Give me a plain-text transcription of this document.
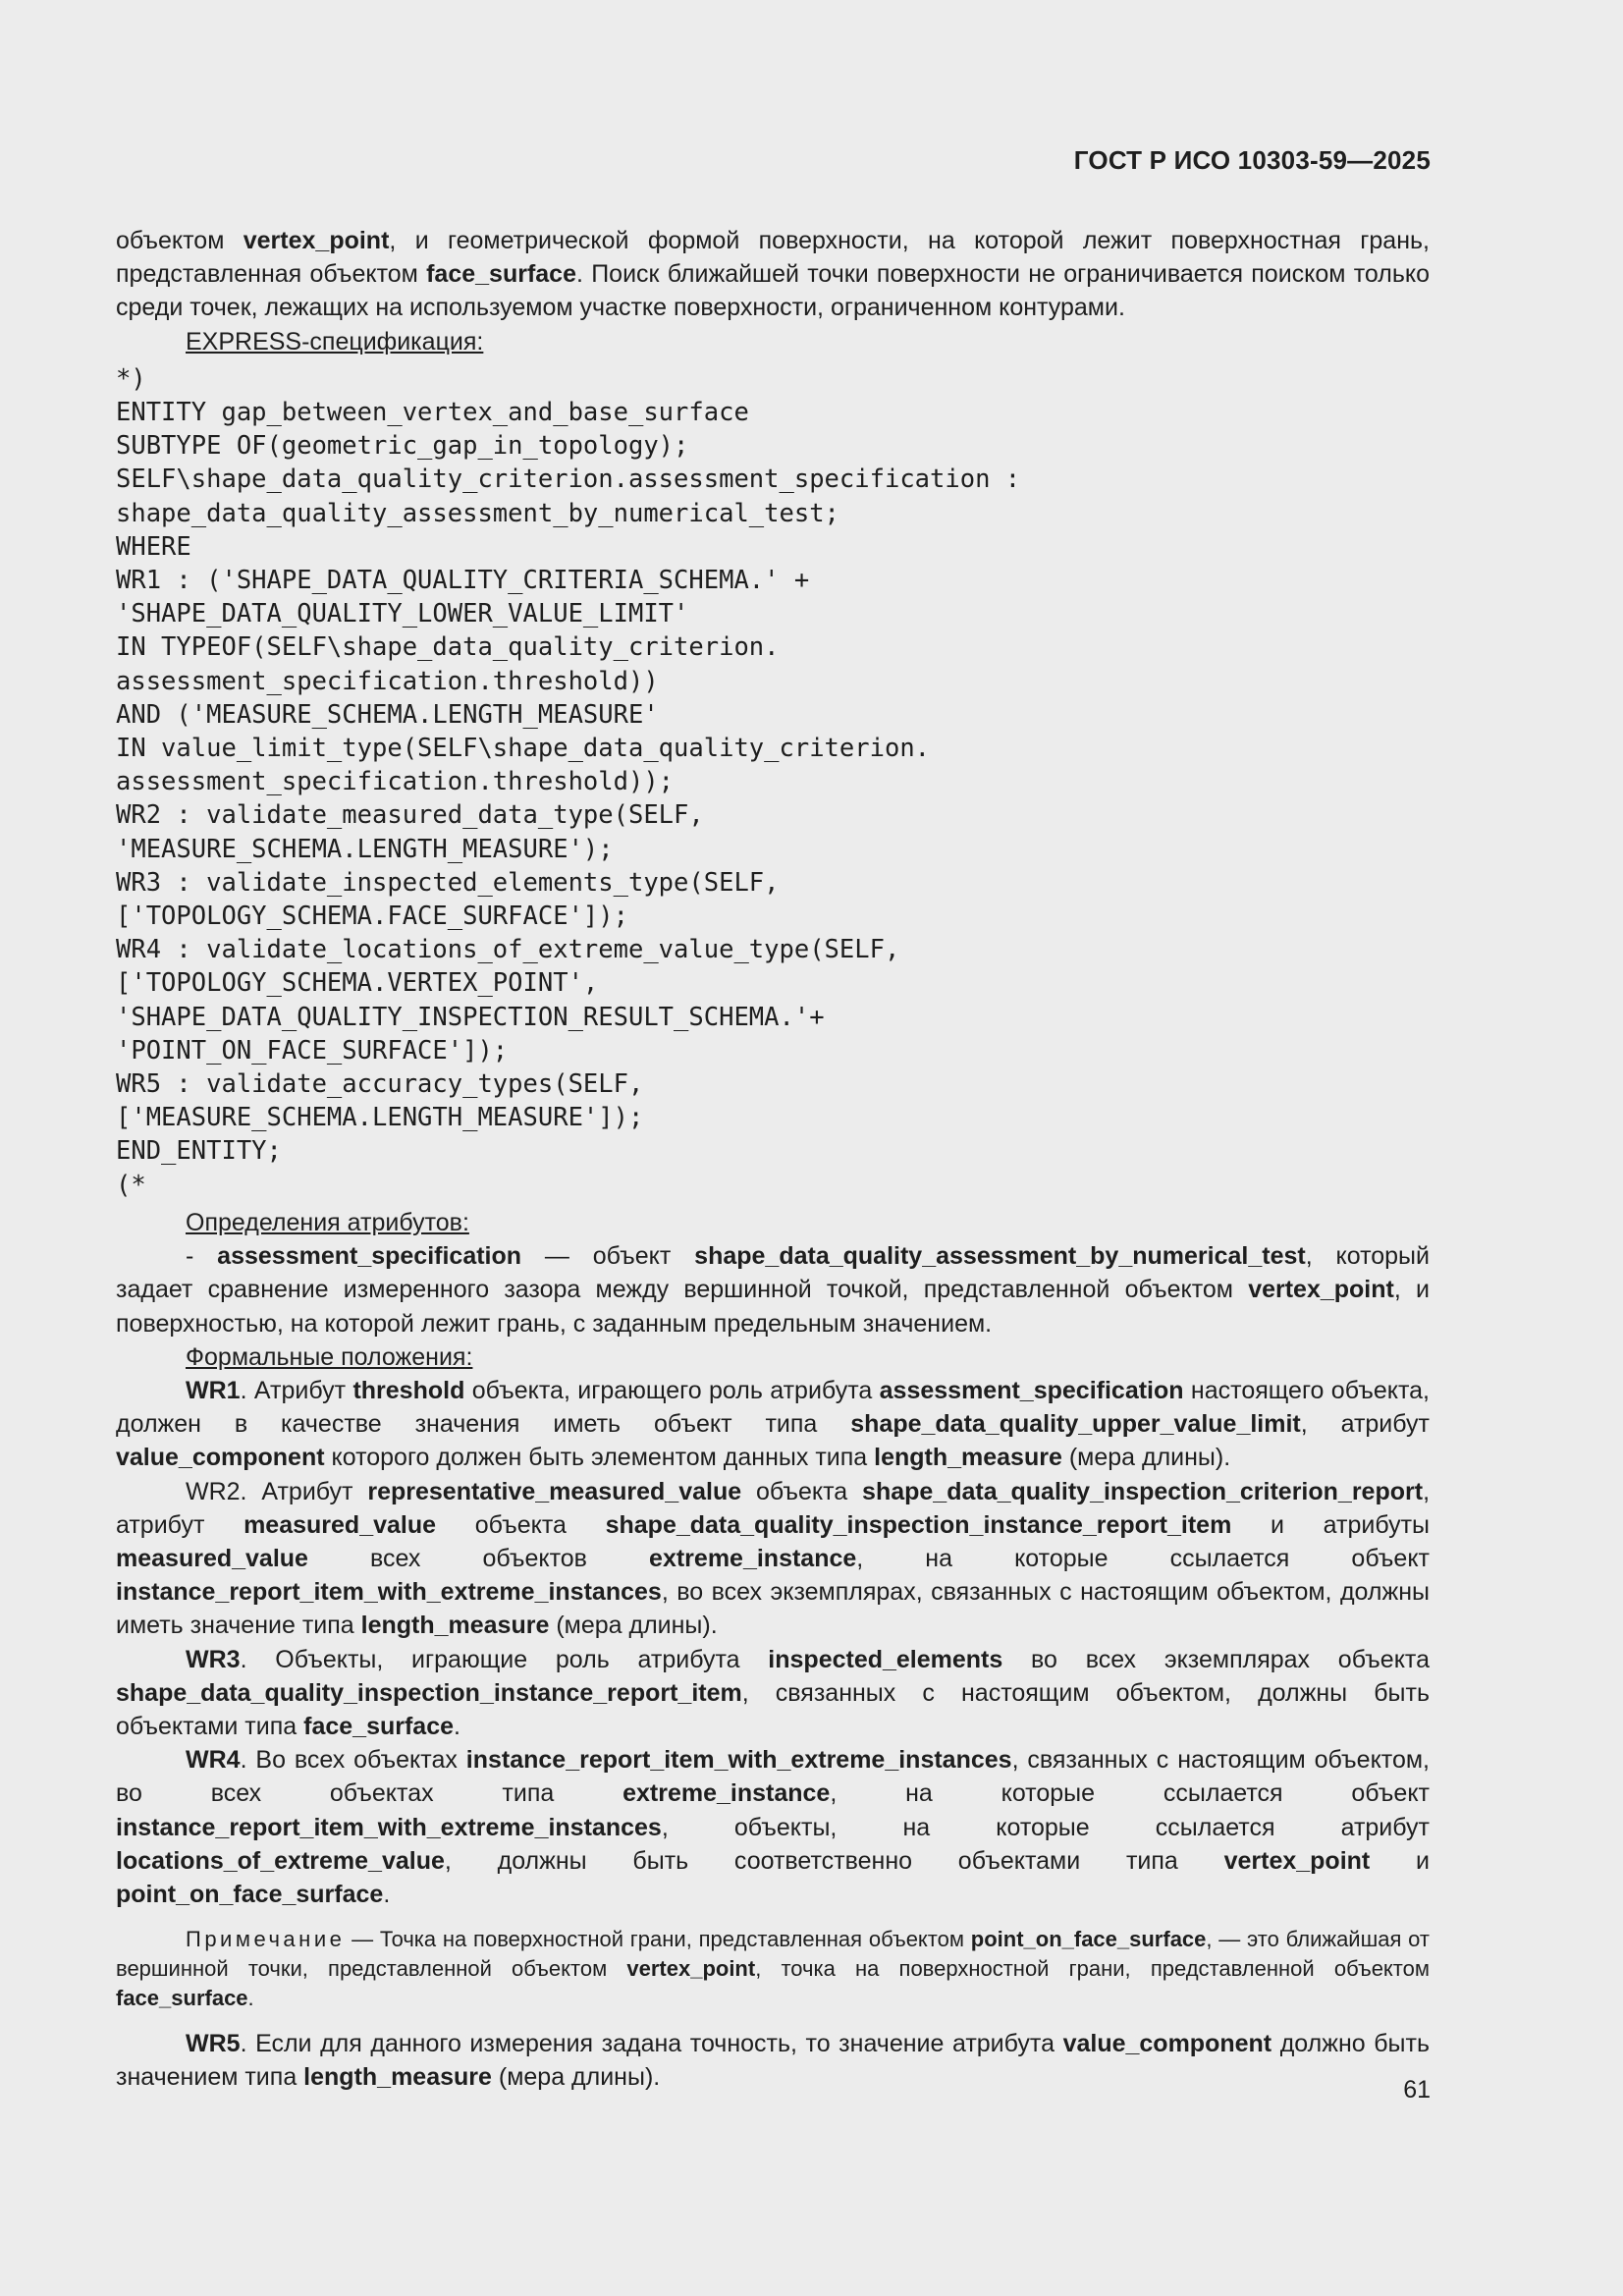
ГОСТ Р ИСО 10303-59—2025

объектом vertex_point, и геометрической формой поверхности, на которой лежит поверхностная грань, представленная объектом face_surface. Поиск ближайшей точки поверхности не ограничивается поиском только среди точек, лежащих на используемом участке поверхности, ограниченном контурами.

EXPRESS-спецификация:

*)
ENTITY gap_between_vertex_and_base_surface
SUBTYPE OF(geometric_gap_in_topology);
SELF\shape_data_quality_criterion.assessment_specification :
shape_data_quality_assessment_by_numerical_test;
WHERE
WR1 : ('SHAPE_DATA_QUALITY_CRITERIA_SCHEMA.' +
'SHAPE_DATA_QUALITY_LOWER_VALUE_LIMIT'
IN TYPEOF(SELF\shape_data_quality_criterion.
assessment_specification.threshold))
AND ('MEASURE_SCHEMA.LENGTH_MEASURE'
IN value_limit_type(SELF\shape_data_quality_criterion.
assessment_specification.threshold));
WR2 : validate_measured_data_type(SELF,
'MEASURE_SCHEMA.LENGTH_MEASURE');
WR3 : validate_inspected_elements_type(SELF,
['TOPOLOGY_SCHEMA.FACE_SURFACE']);
WR4 : validate_locations_of_extreme_value_type(SELF,
['TOPOLOGY_SCHEMA.VERTEX_POINT',
'SHAPE_DATA_QUALITY_INSPECTION_RESULT_SCHEMA.'+
'POINT_ON_FACE_SURFACE']);
WR5 : validate_accuracy_types(SELF,
['MEASURE_SCHEMA.LENGTH_MEASURE']);
END_ENTITY;
(*

Определения атрибутов:

- assessment_specification — объект shape_data_quality_assessment_by_numerical_test, который задает сравнение измеренного зазора между вершинной точкой, представленной объектом vertex_point, и поверхностью, на которой лежит грань, с заданным предельным значением.

Формальные положения:

WR1. Атрибут threshold объекта, играющего роль атрибута assessment_specification настоящего объекта, должен в качестве значения иметь объект типа shape_data_quality_upper_value_limit, атрибут value_component которого должен быть элементом данных типа length_measure (мера длины).

WR2. Атрибут representative_measured_value объекта shape_data_quality_inspection_criterion_report, атрибут measured_value объекта shape_data_quality_inspection_instance_report_item и атрибуты measured_value всех объектов extreme_instance, на которые ссылается объект instance_report_item_with_extreme_instances, во всех экземплярах, связанных с настоящим объектом, должны иметь значение типа length_measure (мера длины).

WR3. Объекты, играющие роль атрибута inspected_elements во всех экземплярах объекта shape_data_quality_inspection_instance_report_item, связанных с настоящим объектом, должны быть объектами типа face_surface.

WR4. Во всех объектах instance_report_item_with_extreme_instances, связанных с настоящим объектом, во всех объектах типа extreme_instance, на которые ссылается объект instance_report_item_with_extreme_instances, объекты, на которые ссылается атрибут locations_of_extreme_value, должны быть соответственно объектами типа vertex_point и point_on_face_surface.

Примечание — Точка на поверхностной грани, представленная объектом point_on_face_surface, — это ближайшая от вершинной точки, представленной объектом vertex_point, точка на поверхностной грани, представленной объектом face_surface.

WR5. Если для данного измерения задана точность, то значение атрибута value_component должно быть значением типа length_measure (мера длины).	61
